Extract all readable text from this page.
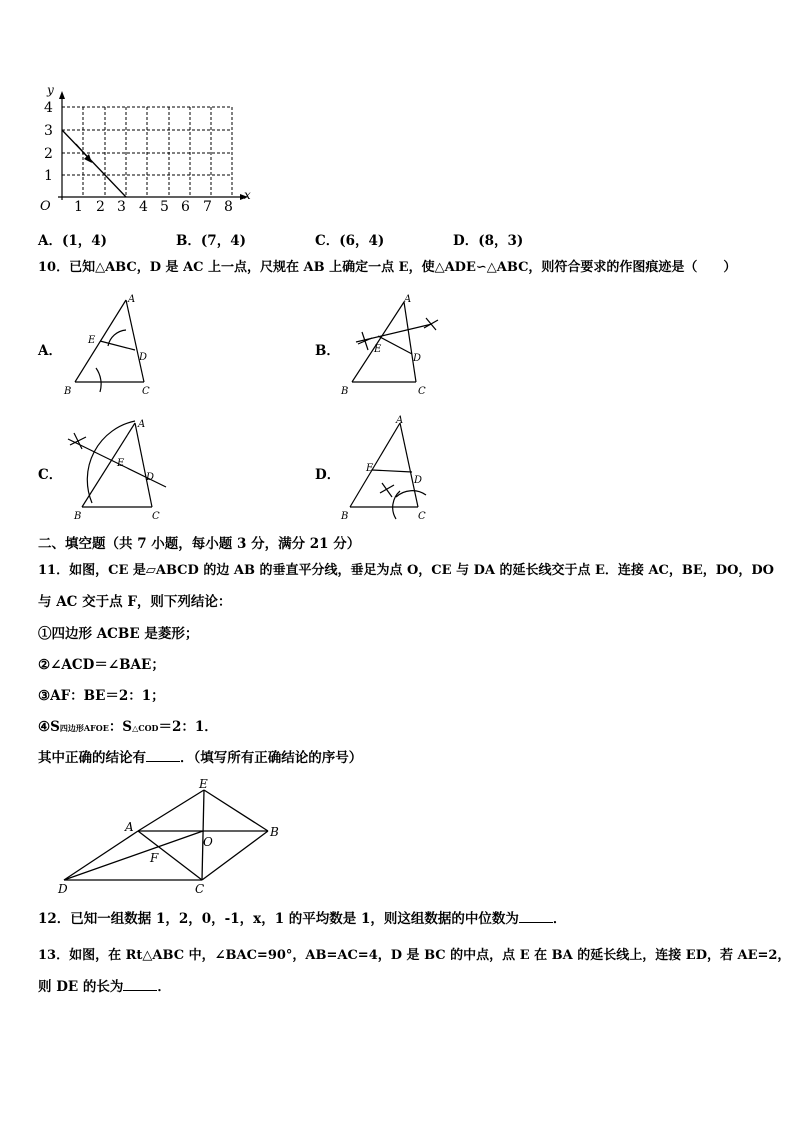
y
x
O
1
2
3
4
1 2 3 4 5 6 7 8
A．(1，4)	B．(7，4)	C．(6，4)	D．(8，3)
10．已知△ABC，D 是 AC 上一点，尺规在 AB 上确定一点 E，使△ADE∽△ABC，则符合要求的作图痕迹是（　　）
A．	B．
C．	D．
A
E
D
B	C
A
E
D
B	C
A
E
D
B	C
A
E
D
B	C
二、填空题（共 7 小题，每小题 3 分，满分 21 分）
11．如图，CE 是▱ABCD 的边 AB 的垂直平分线，垂足为点 O，CE 与 DA 的延长线交于点 E．连接 AC，BE，DO，DO
与 AC 交于点 F，则下列结论：
①四边形 ACBE 是菱形；
②∠ACD＝∠BAE；
③AF：BE＝2：1；
④S四边形AFOE：S△COD＝2：1．
其中正确的结论有	．（填写所有正确结论的序号）
E
A	B
O
F
D	C
12．已知一组数据 1，2，0，-1，x，1 的平均数是 1，则这组数据的中位数为	．
13．如图，在 Rt△ABC 中，∠BAC=90°，AB=AC=4，D 是 BC 的中点，点 E 在 BA 的延长线上，连接 ED，若 AE=2，
则 DE 的长为	．
